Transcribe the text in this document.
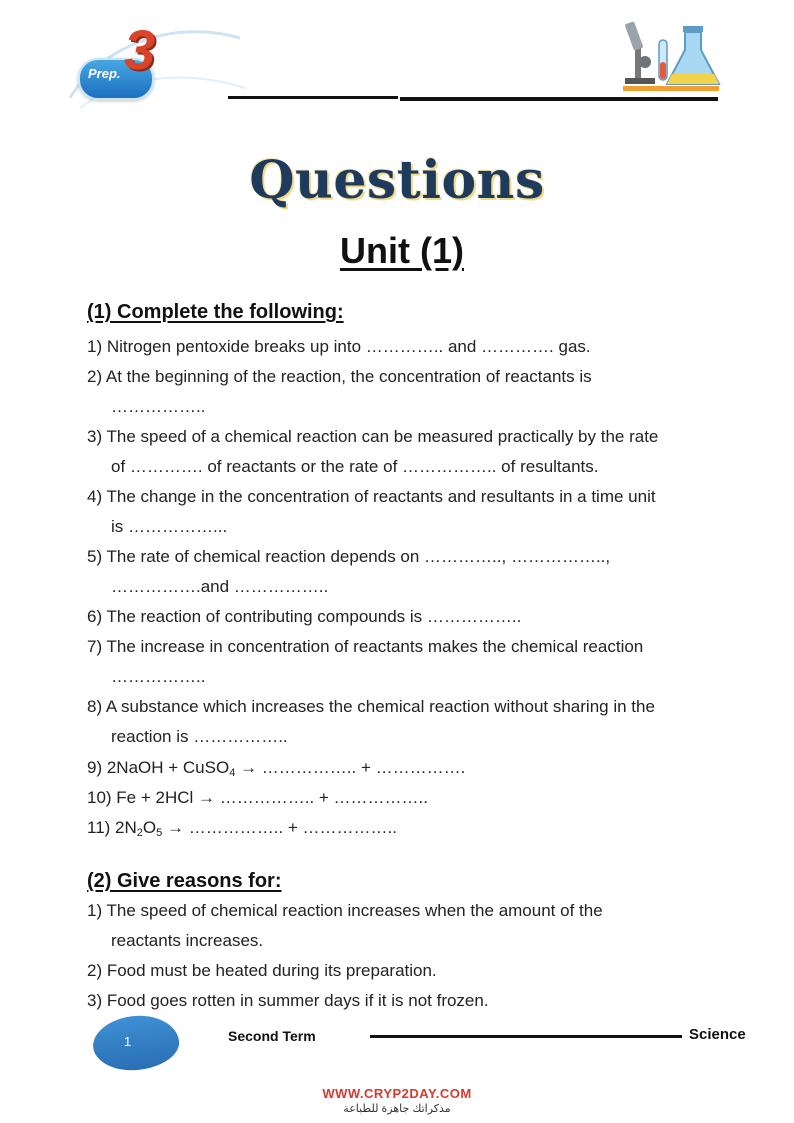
Prep. 3
Questions
Unit (1)
(1) Complete the following:
1) Nitrogen pentoxide breaks up into ………….. and …………. gas.
2) At the beginning of the reaction, the concentration of reactants is
……………..
3) The speed of a chemical reaction can be measured practically by the rate
of …………. of reactants or the rate of …………….. of resultants.
4) The change in the concentration of reactants and resultants in a time unit
is ……………...
5) The rate of chemical reaction depends on ………….., ……………..,
…………….and ……………..
6) The reaction of contributing compounds is ……………..
7) The increase in concentration of reactants makes the chemical reaction
……………..
8) A substance which increases the chemical reaction without sharing in the
reaction is ……………..
9) 2NaOH + CuSO$_4$ → …………….. + …………….
10) Fe + 2HCl → …………….. + ……………..
11) $2N_2O_5$ → …………….. + ……………..
(2) Give reasons for:
1) The speed of chemical reaction increases when the amount of the
reactants increases.
2) Food must be heated during its preparation.
3) Food goes rotten in summer days if it is not frozen.
1	Second Term	Science
WWW.CRYP2DAY.COM
مذكراتك جاهزة للطباعة
